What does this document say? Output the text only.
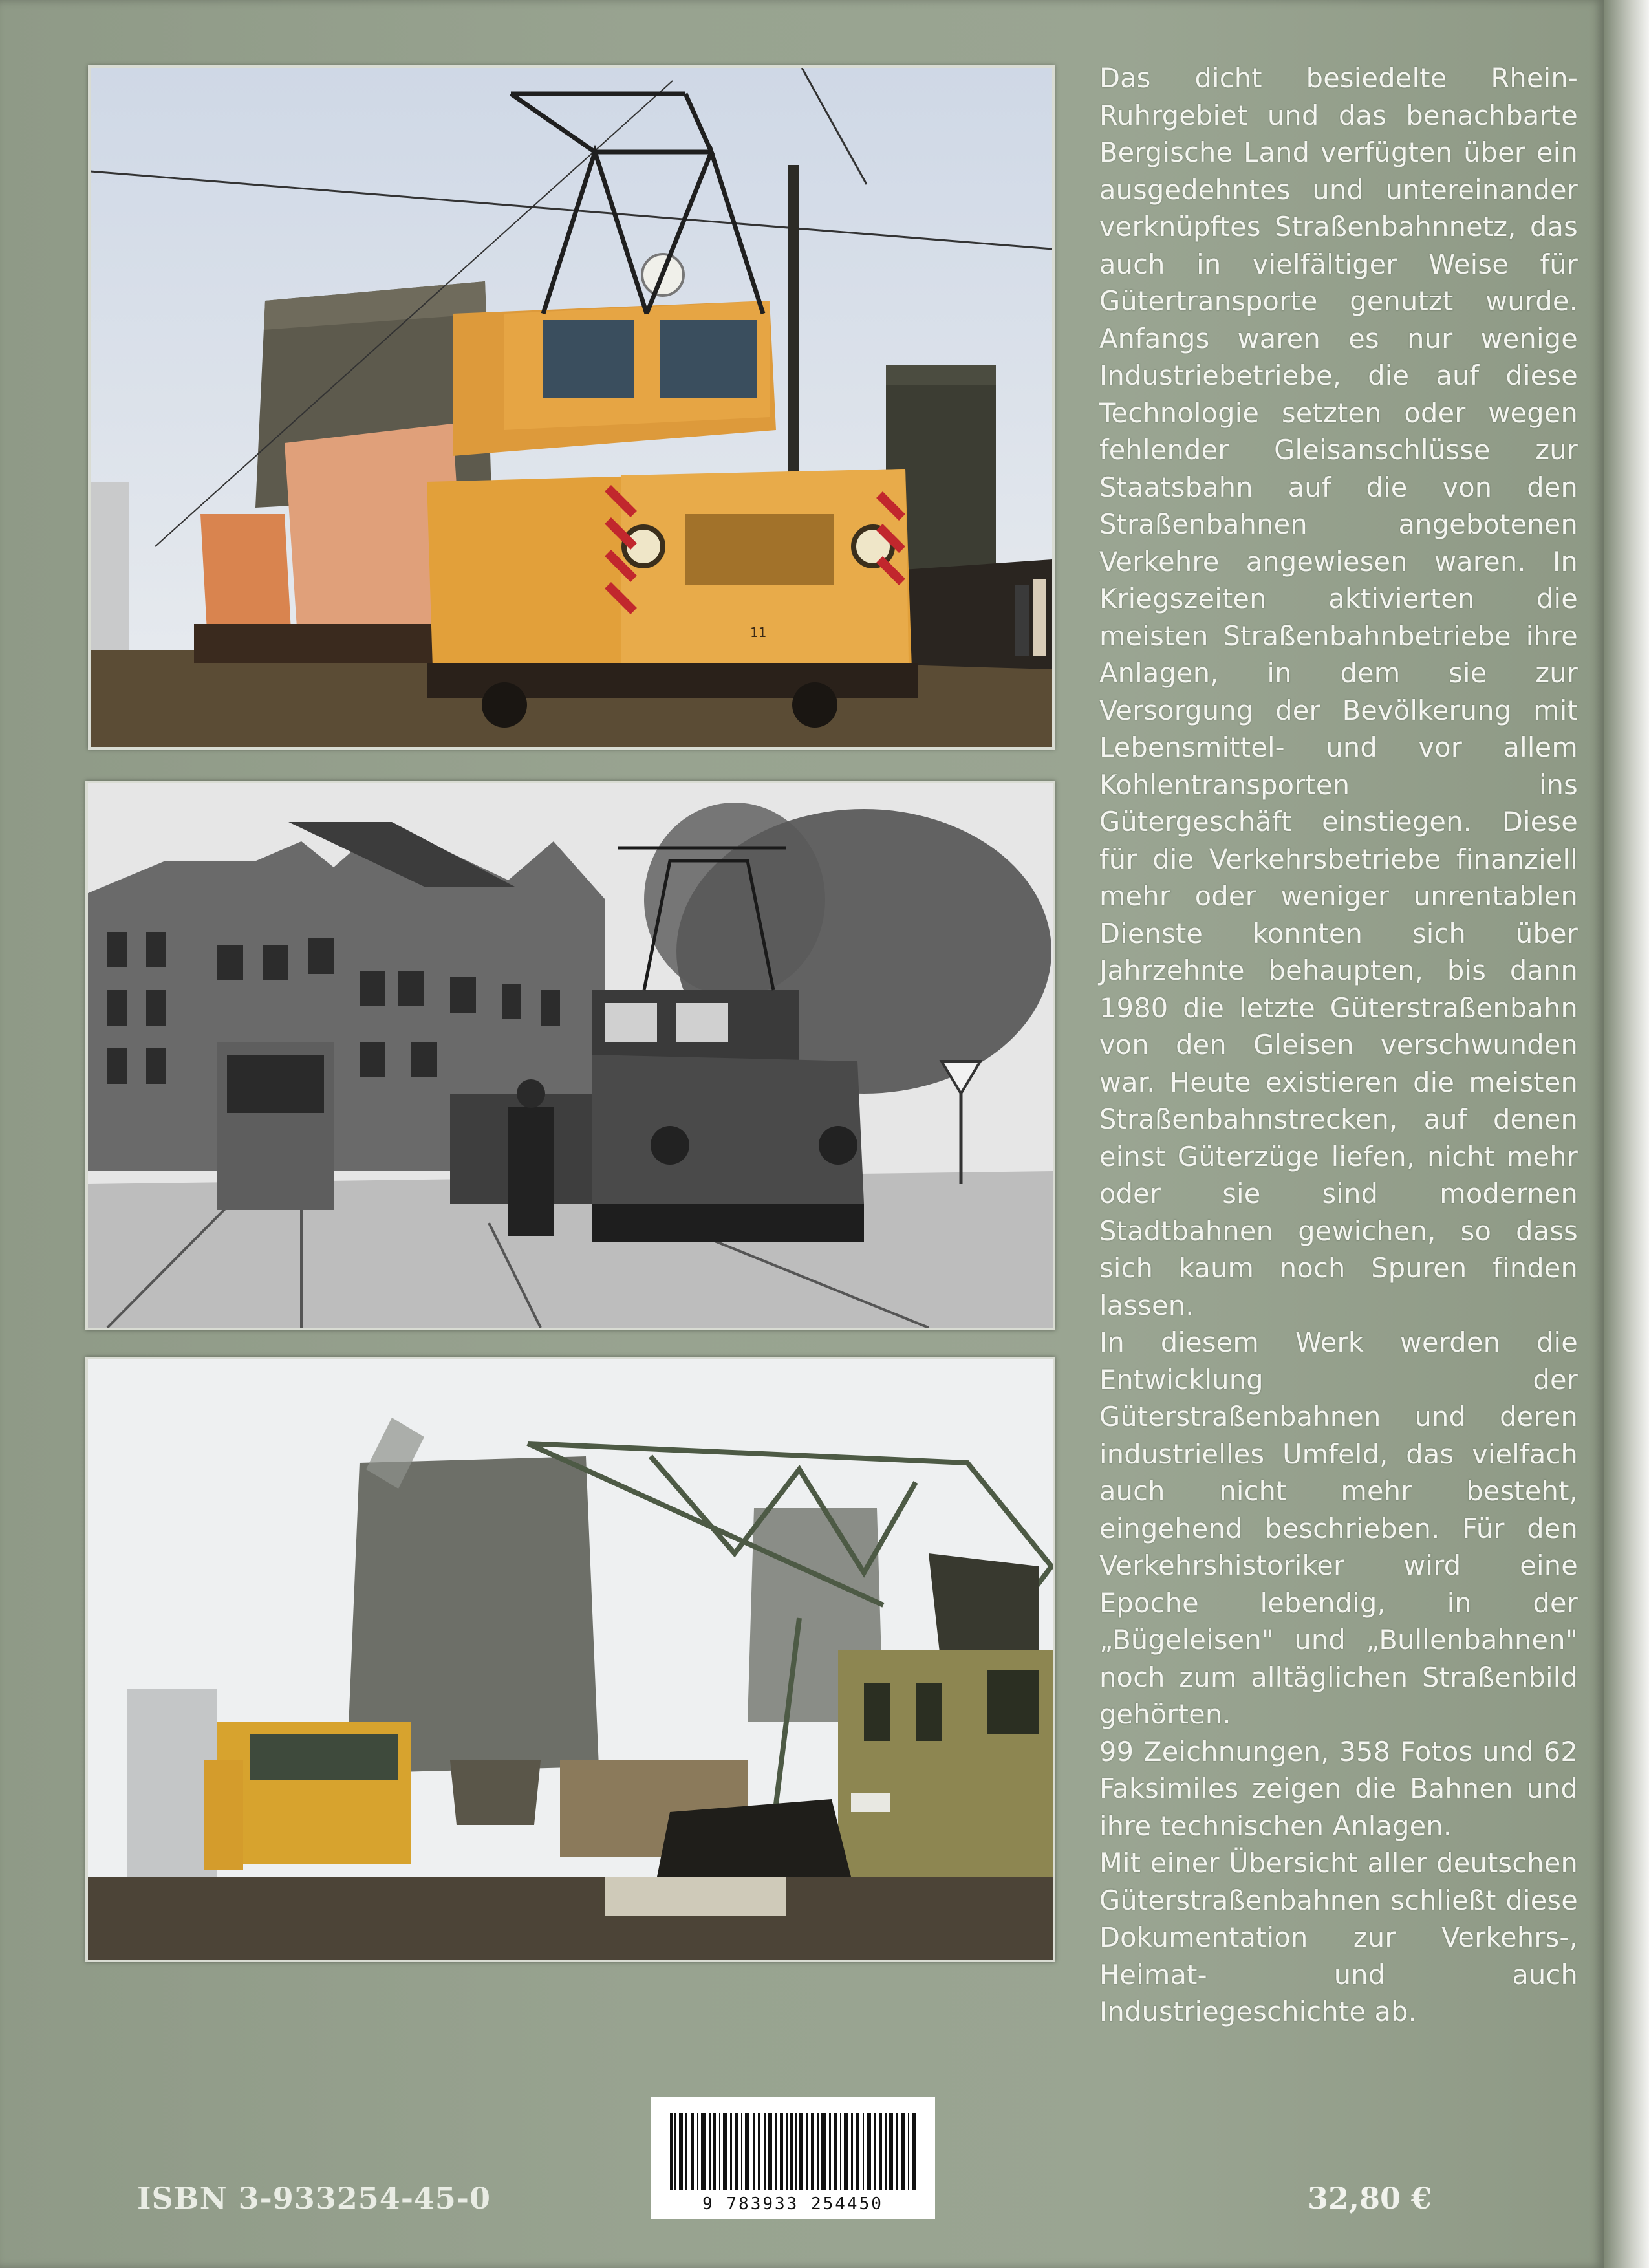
11

Das dicht besiedelte Rhein-Ruhrgebiet und das benachbarte Bergische Land verfügten über ein ausgedehntes und untereinander verknüpftes Straßenbahnnetz, das auch in vielfältiger Weise für Gütertransporte genutzt wurde. Anfangs waren es nur wenige Industriebetriebe, die auf diese Technologie setzten oder wegen fehlender Gleisanschlüsse zur Staatsbahn auf die von den Straßenbahnen angebotenen Verkehre angewiesen waren. In Kriegszeiten aktivierten die meisten Straßenbahnbetriebe ihre Anlagen, in dem sie zur Versorgung der Bevölkerung mit Lebensmittel- und vor allem Kohlentransporten ins Gütergeschäft einstiegen. Diese für die Verkehrsbetriebe finanziell mehr oder weniger unrentablen Dienste konnten sich über Jahrzehnte behaupten, bis dann 1980 die letzte Güterstraßenbahn von den Gleisen verschwunden war. Heute existieren die meisten Straßenbahnstrecken, auf denen einst Güterzüge liefen, nicht mehr oder sie sind modernen Stadtbahnen gewichen, so dass sich kaum noch Spuren finden lassen.

In diesem Werk werden die Entwicklung der Güterstraßenbahnen und deren industrielles Umfeld, das vielfach auch nicht mehr besteht, eingehend beschrieben. Für den Verkehrshistoriker wird eine Epoche lebendig, in der „Bügeleisen" und „Bullenbahnen" noch zum alltäglichen Straßenbild gehörten.

99 Zeichnungen, 358 Fotos und 62 Faksimiles zeigen die Bahnen und ihre technischen Anlagen.

Mit einer Übersicht aller deutschen Güterstraßenbahnen schließt diese Dokumentation zur Verkehrs-, Heimat- und auch Industriegeschichte ab.

ISBN 3-933254-45-0	9 783933 254450	32,80 €
